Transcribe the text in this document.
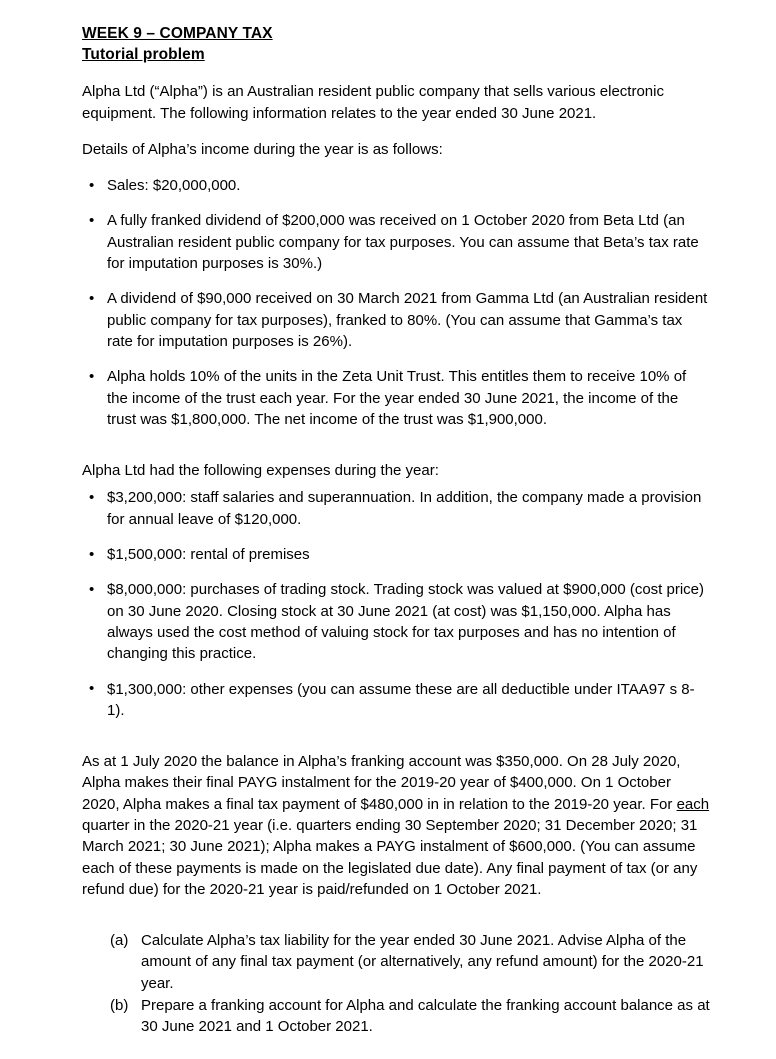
WEEK 9 – COMPANY TAX
Tutorial problem

Alpha Ltd (“Alpha”) is an Australian resident public company that sells various electronic equipment. The following information relates to the year ended 30 June 2021.

Details of Alpha’s income during the year is as follows:

• Sales: $20,000,000.
• A fully franked dividend of $200,000 was received on 1 October 2020 from Beta Ltd (an Australian resident public company for tax purposes. You can assume that Beta’s tax rate for imputation purposes is 30%.)
• A dividend of $90,000 received on 30 March 2021 from Gamma Ltd (an Australian resident public company for tax purposes), franked to 80%. (You can assume that Gamma’s tax rate for imputation purposes is 26%).
• Alpha holds 10% of the units in the Zeta Unit Trust. This entitles them to receive 10% of the income of the trust each year. For the year ended 30 June 2021, the income of the trust was $1,800,000. The net income of the trust was $1,900,000.

Alpha Ltd had the following expenses during the year:

• $3,200,000: staff salaries and superannuation. In addition, the company made a provision for annual leave of $120,000.
• $1,500,000: rental of premises
• $8,000,000: purchases of trading stock. Trading stock was valued at $900,000 (cost price) on 30 June 2020. Closing stock at 30 June 2021 (at cost) was $1,150,000. Alpha has always used the cost method of valuing stock for tax purposes and has no intention of changing this practice.
• $1,300,000: other expenses (you can assume these are all deductible under ITAA97 s 8-1).

As at 1 July 2020 the balance in Alpha’s franking account was $350,000. On 28 July 2020, Alpha makes their final PAYG instalment for the 2019-20 year of $400,000. On 1 October 2020, Alpha makes a final tax payment of $480,000 in in relation to the 2019-20 year. For each quarter in the 2020-21 year (i.e. quarters ending 30 September 2020; 31 December 2020; 31 March 2021; 30 June 2021); Alpha makes a PAYG instalment of $600,000. (You can assume each of these payments is made on the legislated due date). Any final payment of tax (or any refund due) for the 2020-21 year is paid/refunded on 1 October 2021.

(a) Calculate Alpha’s tax liability for the year ended 30 June 2021. Advise Alpha of the amount of any final tax payment (or alternatively, any refund amount) for the 2020-21 year.
(b) Prepare a franking account for Alpha and calculate the franking account balance as at 30 June 2021 and 1 October 2021.
